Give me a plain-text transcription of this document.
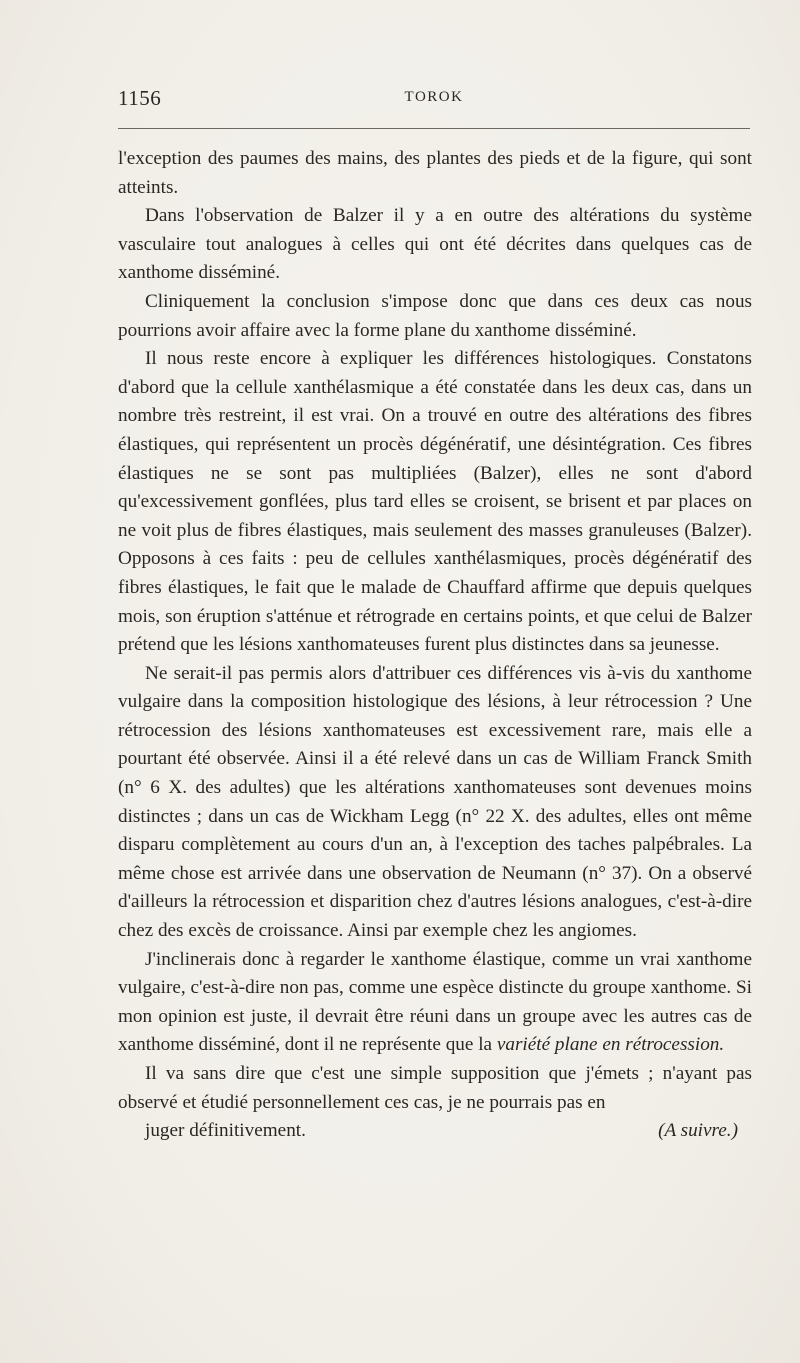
1156	TOROK

l'exception des paumes des mains, des plantes des pieds et de la figure, qui sont atteints.

Dans l'observation de Balzer il y a en outre des altérations du système vasculaire tout analogues à celles qui ont été décrites dans quelques cas de xanthome disséminé.

Cliniquement la conclusion s'impose donc que dans ces deux cas nous pourrions avoir affaire avec la forme plane du xanthome disséminé.

Il nous reste encore à expliquer les différences histologiques. Constatons d'abord que la cellule xanthélasmique a été constatée dans les deux cas, dans un nombre très restreint, il est vrai. On a trouvé en outre des altérations des fibres élastiques, qui représentent un procès dégénératif, une désintégration. Ces fibres élastiques ne se sont pas multipliées (Balzer), elles ne sont d'abord qu'excessivement gonflées, plus tard elles se croisent, se brisent et par places on ne voit plus de fibres élastiques, mais seulement des masses granuleuses (Balzer). Opposons à ces faits : peu de cellules xanthélasmiques, procès dégénératif des fibres élastiques, le fait que le malade de Chauffard affirme que depuis quelques mois, son éruption s'atténue et rétrograde en certains points, et que celui de Balzer prétend que les lésions xanthomateuses furent plus distinctes dans sa jeunesse.

Ne serait-il pas permis alors d'attribuer ces différences vis à-vis du xanthome vulgaire dans la composition histologique des lésions, à leur rétrocession ? Une rétrocession des lésions xanthomateuses est excessivement rare, mais elle a pourtant été observée. Ainsi il a été relevé dans un cas de William Franck Smith (n° 6 X. des adultes) que les altérations xanthomateuses sont devenues moins distinctes ; dans un cas de Wickham Legg (n° 22 X. des adultes, elles ont même disparu complètement au cours d'un an, à l'exception des taches palpébrales. La même chose est arrivée dans une observation de Neumann (n° 37). On a observé d'ailleurs la rétrocession et disparition chez d'autres lésions analogues, c'est-à-dire chez des excès de croissance. Ainsi par exemple chez les angiomes.

J'inclinerais donc à regarder le xanthome élastique, comme un vrai xanthome vulgaire, c'est-à-dire non pas, comme une espèce distincte du groupe xanthome. Si mon opinion est juste, il devrait être réuni dans un groupe avec les autres cas de xanthome disséminé, dont il ne représente que la variété plane en rétrocession.

Il va sans dire que c'est une simple supposition que j'émets ; n'ayant pas observé et étudié personnellement ces cas, je ne pourrais pas en
juger définitivement.	(A suivre.)
